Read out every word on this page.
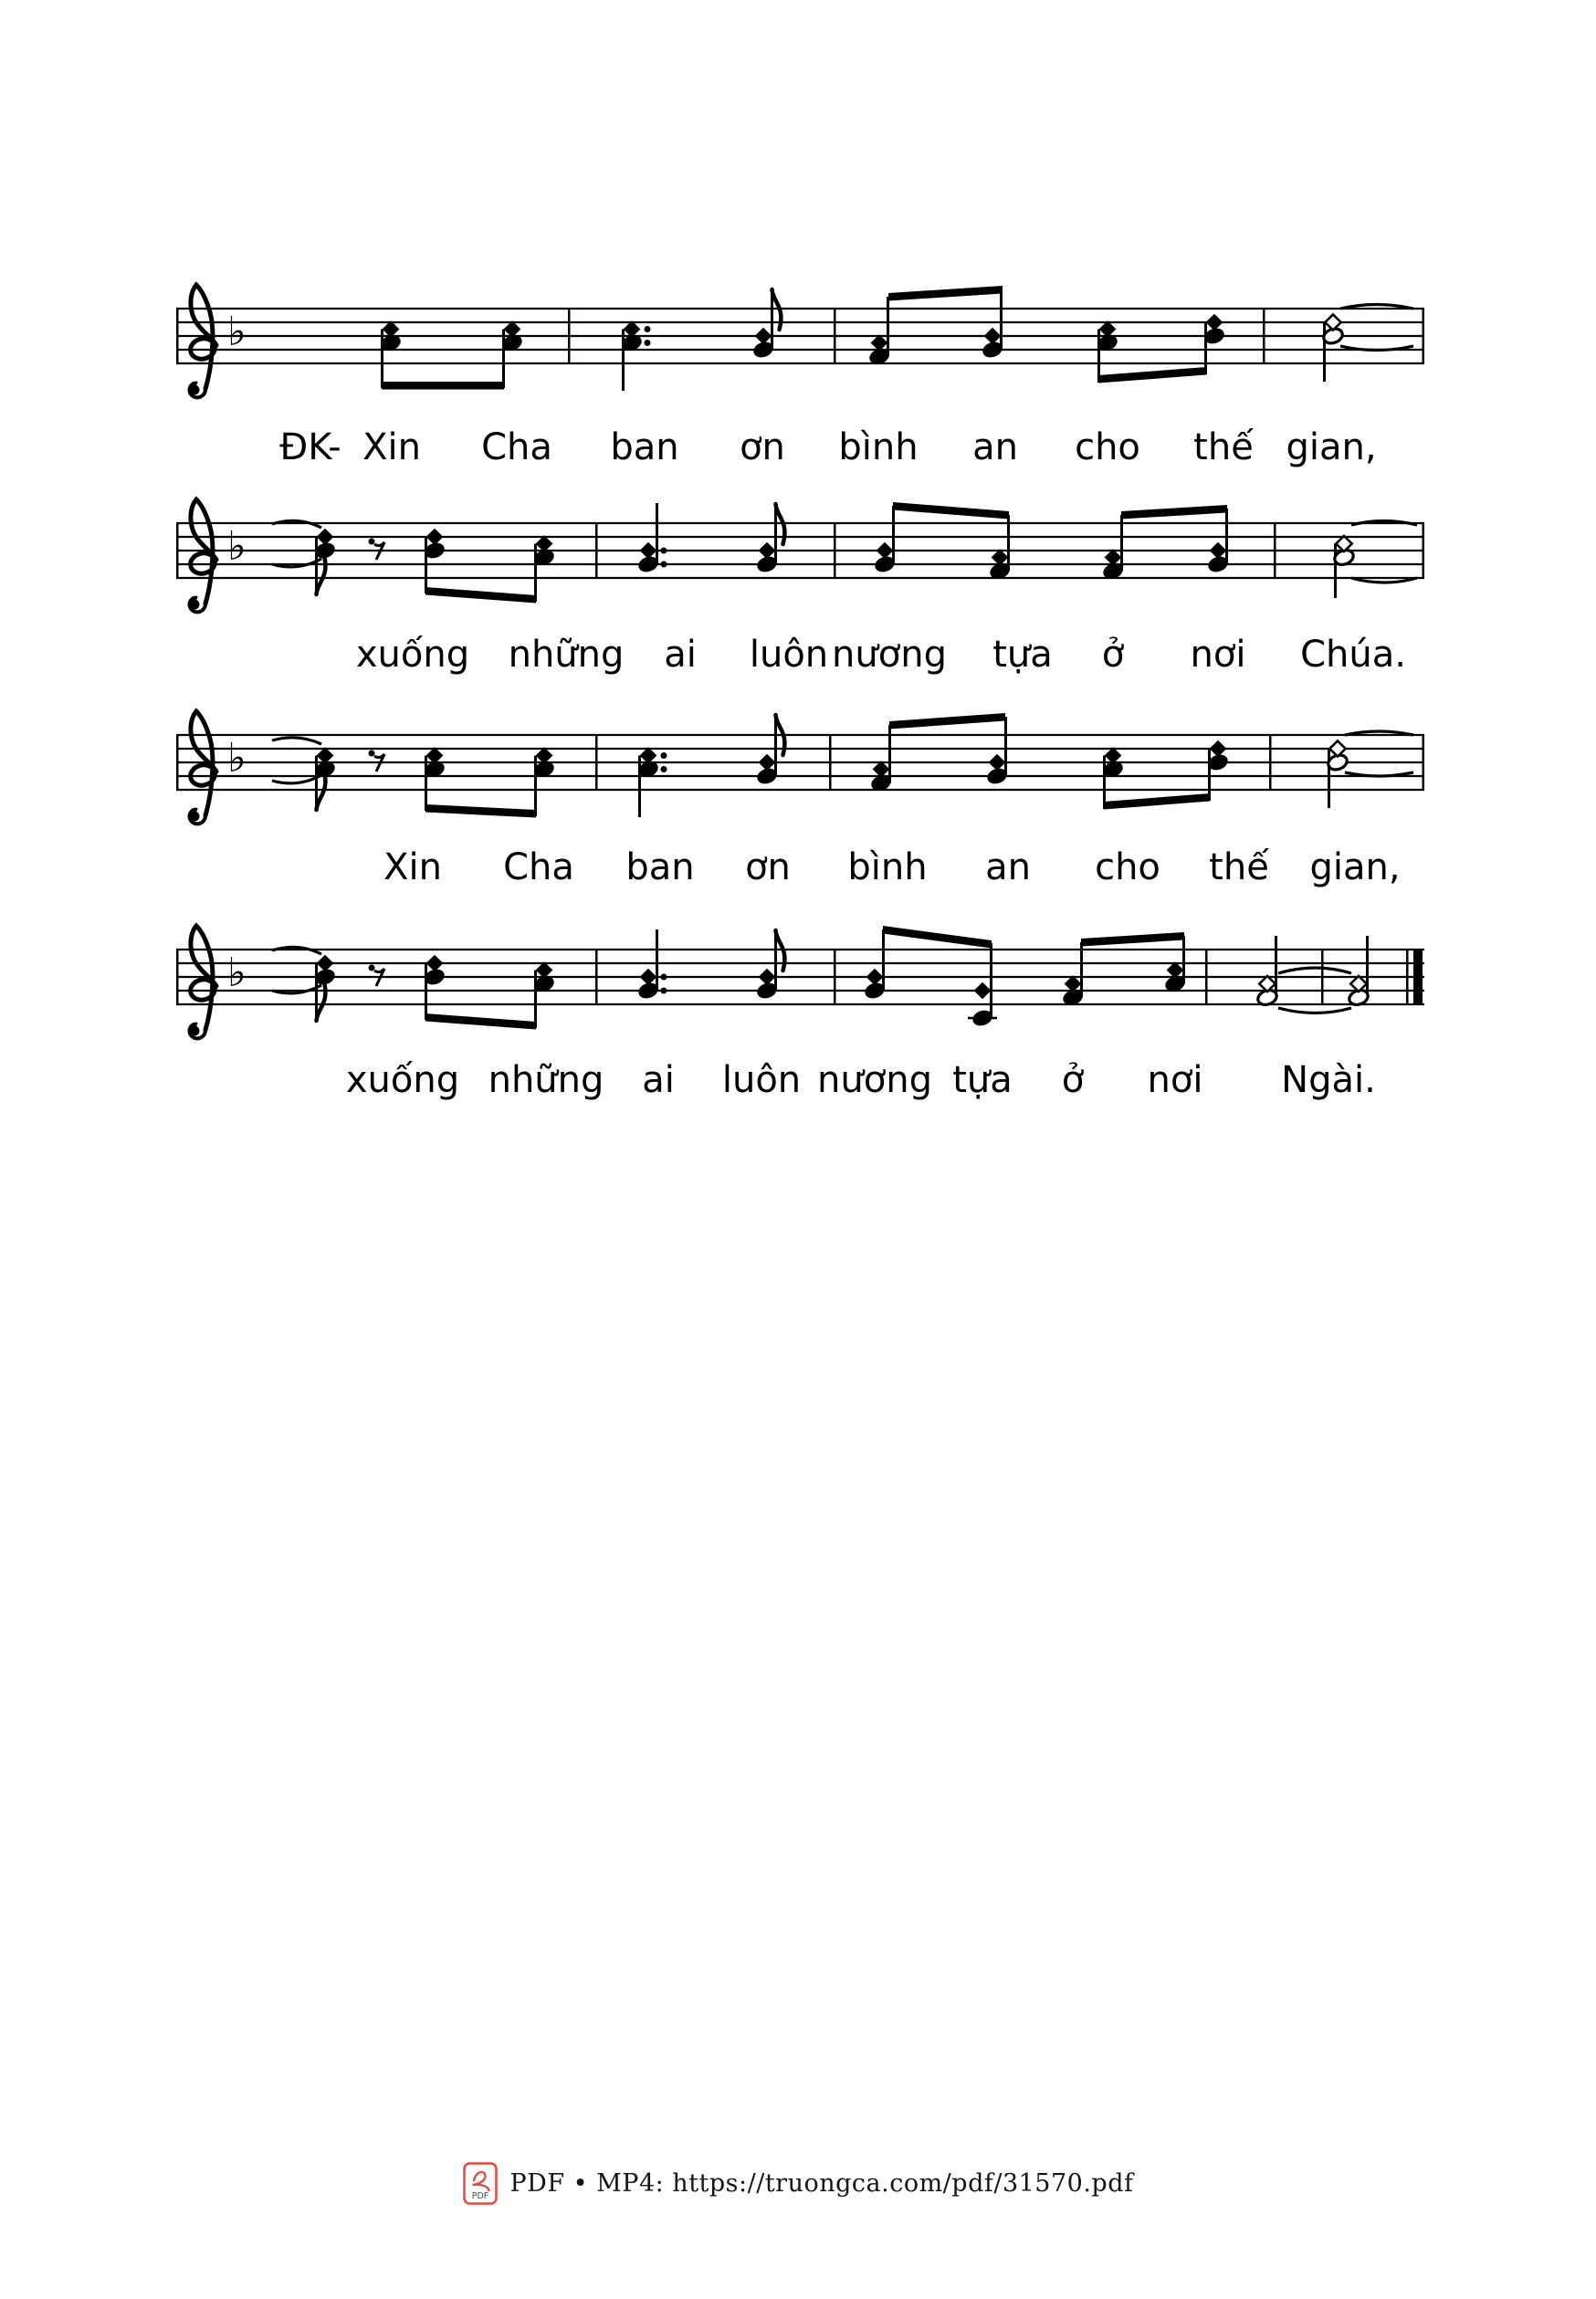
♭
♭
♭
♭
ĐK- Xin Cha ban ơn bình an cho thế gian,
xuống những ai luôn nương tựa ở nơi Chúa.
Xin Cha ban ơn bình an cho thế gian,
xuống những ai luôn nương tựa ở nơi Ngài.
PDF PDF • MP4: https://truongca.com/pdf/31570.pdf
